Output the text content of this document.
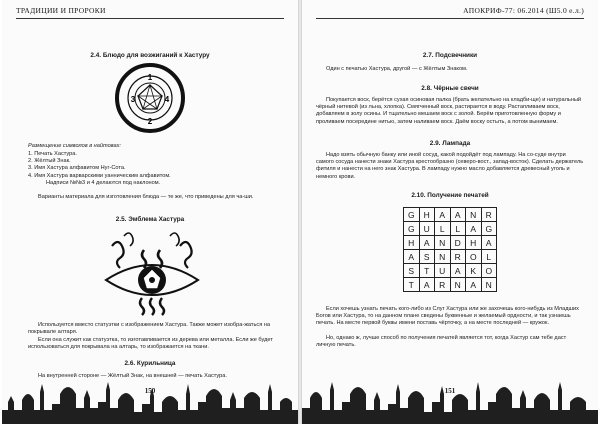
ТРАДИЦИИ И ПРОРОКИ
2.4. Блюдо для возжиганий к Хастуру
1
3	4
2
Размещение символов в найтовах:
1. Печать Хастура.
2. Жёлтый Знак.
3. Имя Хастура алфавитом Нуг-Сота.
4. Имя Хастура варварскими уанническим алфавитом.
Надписи №№3 и 4 делаются под наклоном.

Варианты материала для изготовления блюда — те же, что приведены для ча-ши.

2.5. Эмблема Хастура

Используется вместо статуэтки с изображением Хастура. Также может изобра-жаться на покрывале алтаря.

Если она служит как статуэтка, то изготавливается из дерева или металла. Если же будет использоваться для покрывала на алтарь, то изображается на ткани.

2.6. Курильница

На внутренней стороне — Жёлтый Знак, на внешней — печать Хастура.

150
АПОКРИФ-77: 06.2014 (Ш5.0 е.л.)
2.7. Подсвечники

Один с печатью Хастура, другой — с Жёлтым Знаком.

2.8. Чёрные свечи

Покупается воск, берётся сухая осиновая палка (брать желательно на кладби-ще) и натуральный чёрный нитевой (из льна, хлопка). Смягченный воск, растирается в воду. Растапливаем воск, добавляем в золу осины. И тщательно мешаем воск с золой. Берём приготовленную форму и проливаем посередине нитью, затем наливаем воск. Даём воску остыть, а потом вынимаем.

2.9. Лампада

Надо взять обычную банку или иной сосуд, какой подойдёт под лампаду. На со-суде внутри самого сосуда нанести знаки Хастура крестообразно (северо-вост., запад-восток). Сделать держатель фитиля и нанести на него знак Хастура. В лампаду нужно масло добавляется древесный уголь и немного крови.

2.10. Получение печатей
G	H	A	A	N	R
G	U	L	L	A	G
H	A	N	D	H	A
A	S	N	R	O	L
S	T	U	A	K	O
T	A	R	N	A	N

Если хочешь узнать печать кого-либо из Слуг Хастура или же захочешь кого-нибудь из Младших Богов или Хастура, то на данном плане сведены буквенные и желаемый ордности, и так узнаешь печать. На месте первой буквы имени поставь чёрточку, а на месте последней — кружок.

Но, однако ж, лучше способ по получения печатей является тот, когда Хастур сам тебе даст личную печать.

151
